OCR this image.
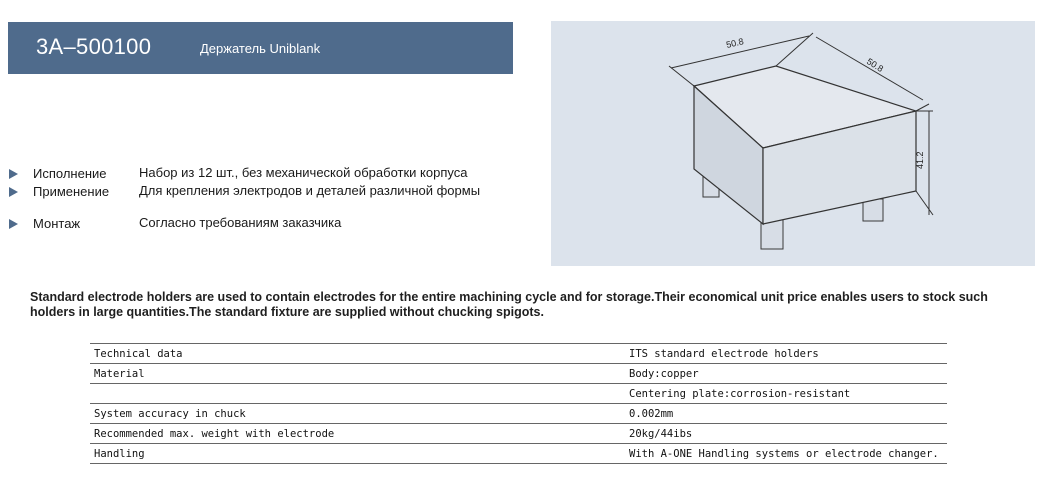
3A–500100	Держатель Uniblank	50.8
50.8
41.2
Исполнение	Набор из 12 шт., без механической обработки корпуса
Применение Для крепления электродов и деталей различной формы
Монтаж	Согласно требованиям заказчика
Standard electrode holders are used to contain electrodes for the entire machining cycle and for storage.Their economical unit price enables users to stock such holders in large quantities.The standard fixture are supplied without chucking spigots.
Technical data	ITS standard electrode holders
Material	Body:copper
	Centering plate:corrosion-resistant
System accuracy in chuck	0.002mm
Recommended max. weight with electrode	20kg/44ibs
Handling	With A-ONE Handling systems or electrode changer.
